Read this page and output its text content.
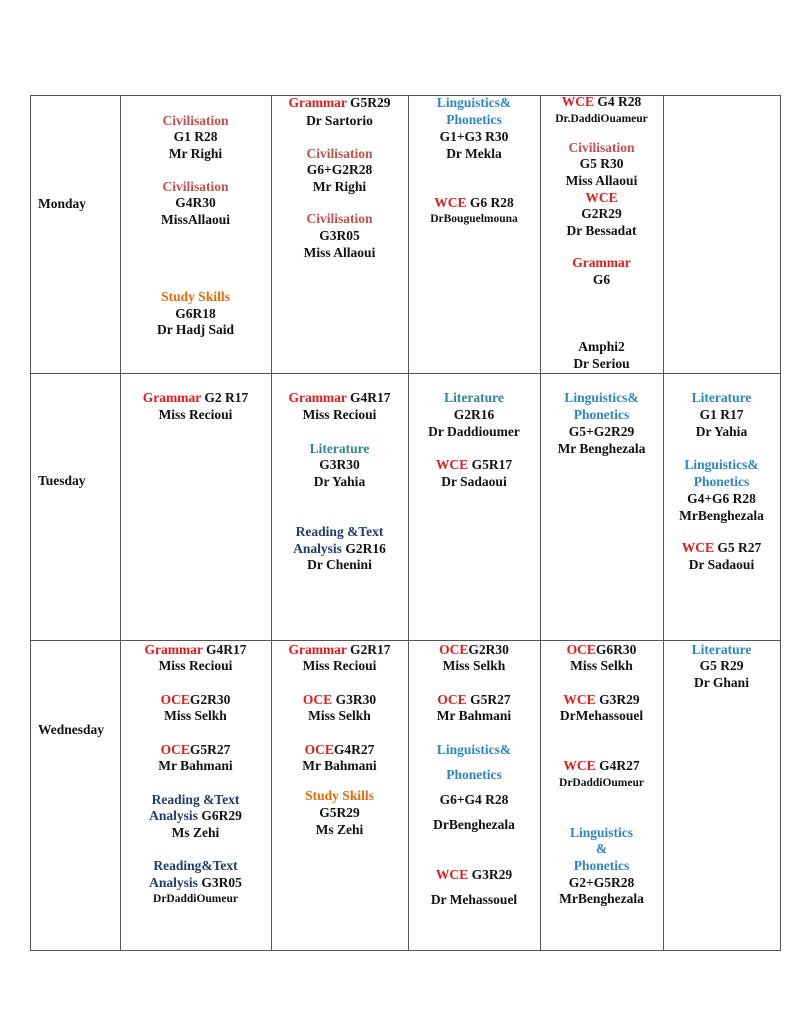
Monday
Civilisation
G1 R28
Mr Righi
Civilisation
G4R30
MissAllaoui
Study Skills
G6R18
Dr Hadj Said
Grammar G5R29
Dr Sartorio
Civilisation
G6+G2R28
Mr Righi
Civilisation
G3R05
Miss Allaoui
Linguistics&
Phonetics
G1+G3 R30
Dr Mekla
WCE G6 R28
DrBouguelmouna
WCE G4 R28
Dr.DaddiOuameur
Civilisation
G5 R30
Miss Allaoui
WCE
G2R29
Dr Bessadat
Grammar
G6
Amphi2
Dr Seriou
Tuesday
Grammar G2 R17
Miss Recioui
Grammar G4R17
Miss Recioui
Literature
G3R30
Dr Yahia
Reading &Text
Analysis G2R16
Dr Chenini
Literature
G2R16
Dr Daddioumer
WCE G5R17
Dr Sadaoui
Linguistics&
Phonetics
G5+G2R29
Mr Benghezala
Literature
G1 R17
Dr Yahia
Linguistics&
Phonetics
G4+G6 R28
MrBenghezala
WCE G5 R27
Dr Sadaoui
Wednesday
Grammar G4R17
Miss Recioui
OCEG2R30
Miss Selkh
OCEG5R27
Mr Bahmani
Reading &Text
Analysis G6R29
Ms Zehi
Reading&Text
Analysis G3R05
DrDaddiOumeur
Grammar G2R17
Miss Recioui
OCE G3R30
Miss Selkh
OCEG4R27
Mr Bahmani
Study Skills
G5R29
Ms Zehi
OCEG2R30
Miss Selkh
OCE G5R27
Mr Bahmani
Linguistics&
Phonetics
G6+G4 R28
DrBenghezala
WCE G3R29
Dr Mehassouel
OCEG6R30
Miss Selkh
WCE G3R29
DrMehassouel
WCE G4R27
DrDaddiOumeur
Linguistics
&
Phonetics
G2+G5R28
MrBenghezala
Literature
G5 R29
Dr Ghani
